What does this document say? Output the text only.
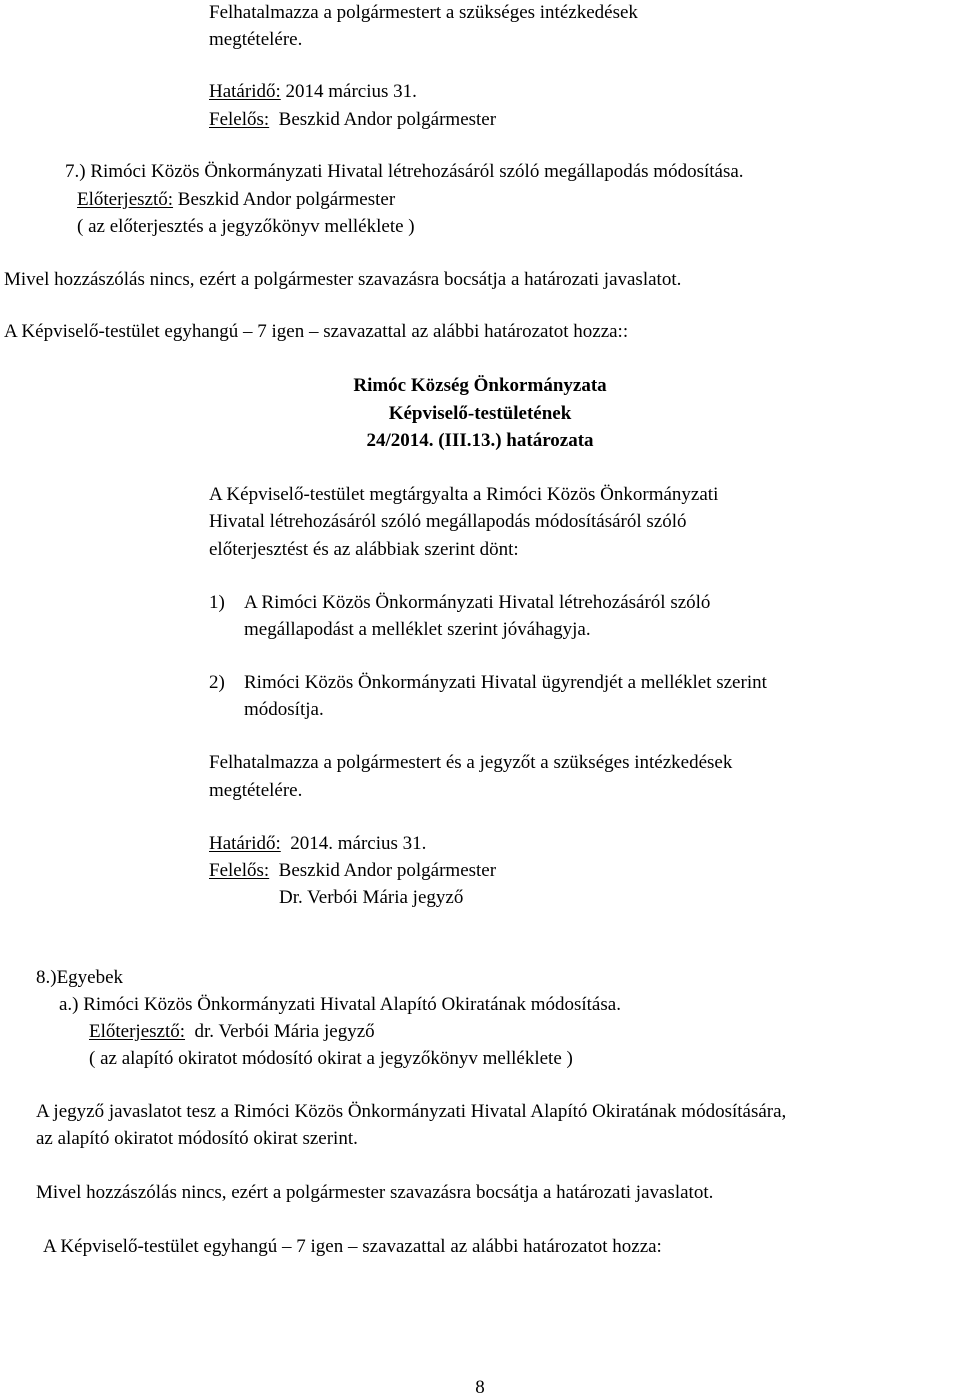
Felhatalmazza a polgármestert a szükséges intézkedések

megtételére.

Határidő: 2014 március 31.

Felelős:  Beszkid Andor polgármester

7.) Rimóci Közös Önkormányzati Hivatal létrehozásáról szóló megállapodás módosítása.

Előterjesztő: Beszkid Andor polgármester

( az előterjesztés a jegyzőkönyv melléklete )

Mivel hozzászólás nincs, ezért a polgármester szavazásra bocsátja a határozati javaslatot.

A Képviselő-testület egyhangú – 7 igen – szavazattal az alábbi határozatot hozza::

Rimóc Község Önkormányzata

Képviselő-testületének

24/2014. (III.13.) határozata

A Képviselő-testület megtárgyalta a Rimóci Közös Önkormányzati

Hivatal létrehozásáról szóló megállapodás módosításáról szóló

előterjesztést és az alábbiak szerint dönt:

1) A Rimóci Közös Önkormányzati Hivatal létrehozásáról szóló

megállapodást a melléklet szerint jóváhagyja.

2) Rimóci Közös Önkormányzati Hivatal ügyrendjét a melléklet szerint

módosítja.

Felhatalmazza a polgármestert és a jegyzőt a szükséges intézkedések

megtételére.

Határidő:  2014. március 31.

Felelős:  Beszkid Andor polgármester

Dr. Verbói Mária jegyző

8.)Egyebek

a.) Rimóci Közös Önkormányzati Hivatal Alapító Okiratának módosítása.

Előterjesztő:  dr. Verbói Mária jegyző

( az alapító okiratot módosító okirat a jegyzőkönyv melléklete )

A jegyző javaslatot tesz a Rimóci Közös Önkormányzati Hivatal Alapító Okiratának módosítására,

az alapító okiratot módosító okirat szerint.

Mivel hozzászólás nincs, ezért a polgármester szavazásra bocsátja a határozati javaslatot.

A Képviselő-testület egyhangú – 7 igen – szavazattal az alábbi határozatot hozza:

8
